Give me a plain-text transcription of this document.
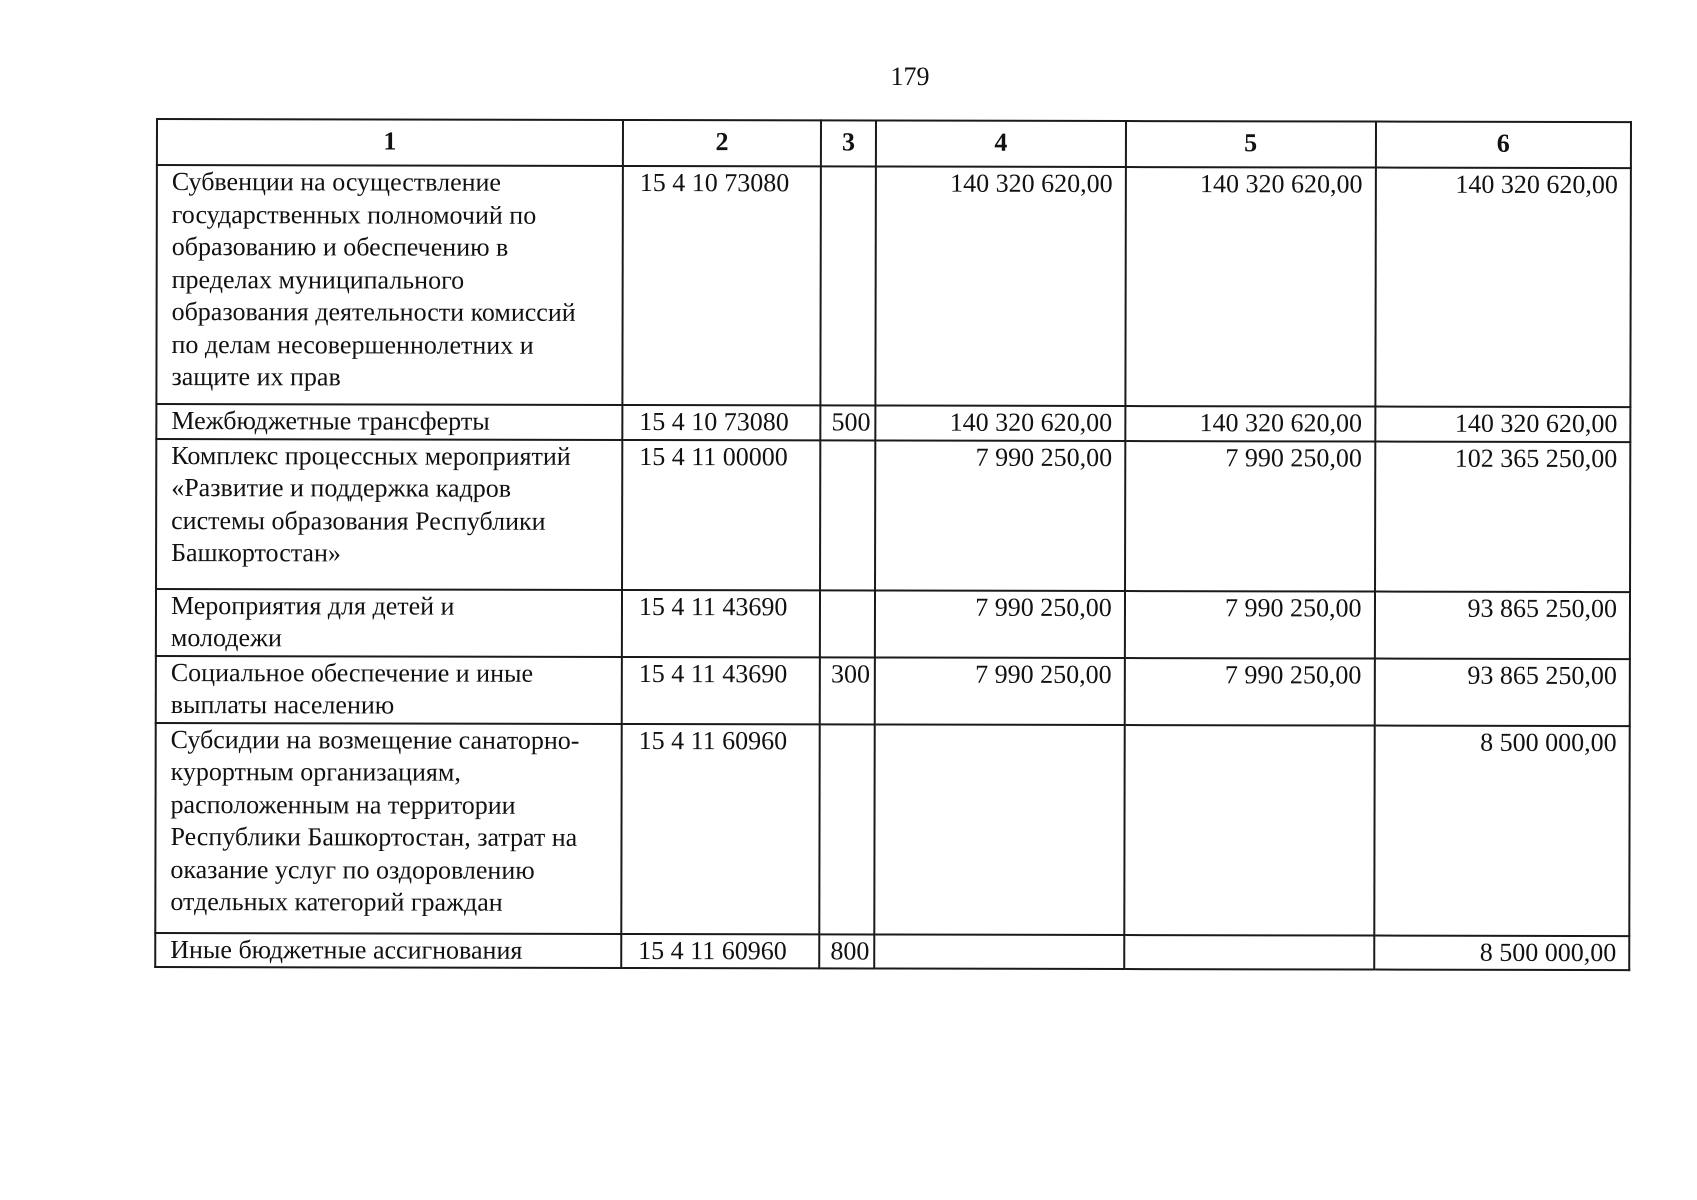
179
1	2	3	4	5	6
Субвенции на осуществление государственных полномочий по образованию и обеспечению в пределах муниципального образования деятельности комиссий по делам несовершеннолетних и защите их прав	15 4 10 73080		140 320 620,00	140 320 620,00	140 320 620,00
Межбюджетные трансферты	15 4 10 73080	500	140 320 620,00	140 320 620,00	140 320 620,00
Комплекс процессных мероприятий «Развитие и поддержка кадров системы образования Республики Башкортостан»	15 4 11 00000		7 990 250,00	7 990 250,00	102 365 250,00
Мероприятия для детей и молодежи	15 4 11 43690		7 990 250,00	7 990 250,00	93 865 250,00
Социальное обеспечение и иные выплаты населению	15 4 11 43690	300	7 990 250,00	7 990 250,00	93 865 250,00
Субсидии на возмещение санаторно-курортным организациям, расположенным на территории Республики Башкортостан, затрат на оказание услуг по оздоровлению отдельных категорий граждан	15 4 11 60960				8 500 000,00
Иные бюджетные ассигнования	15 4 11 60960	800			8 500 000,00
